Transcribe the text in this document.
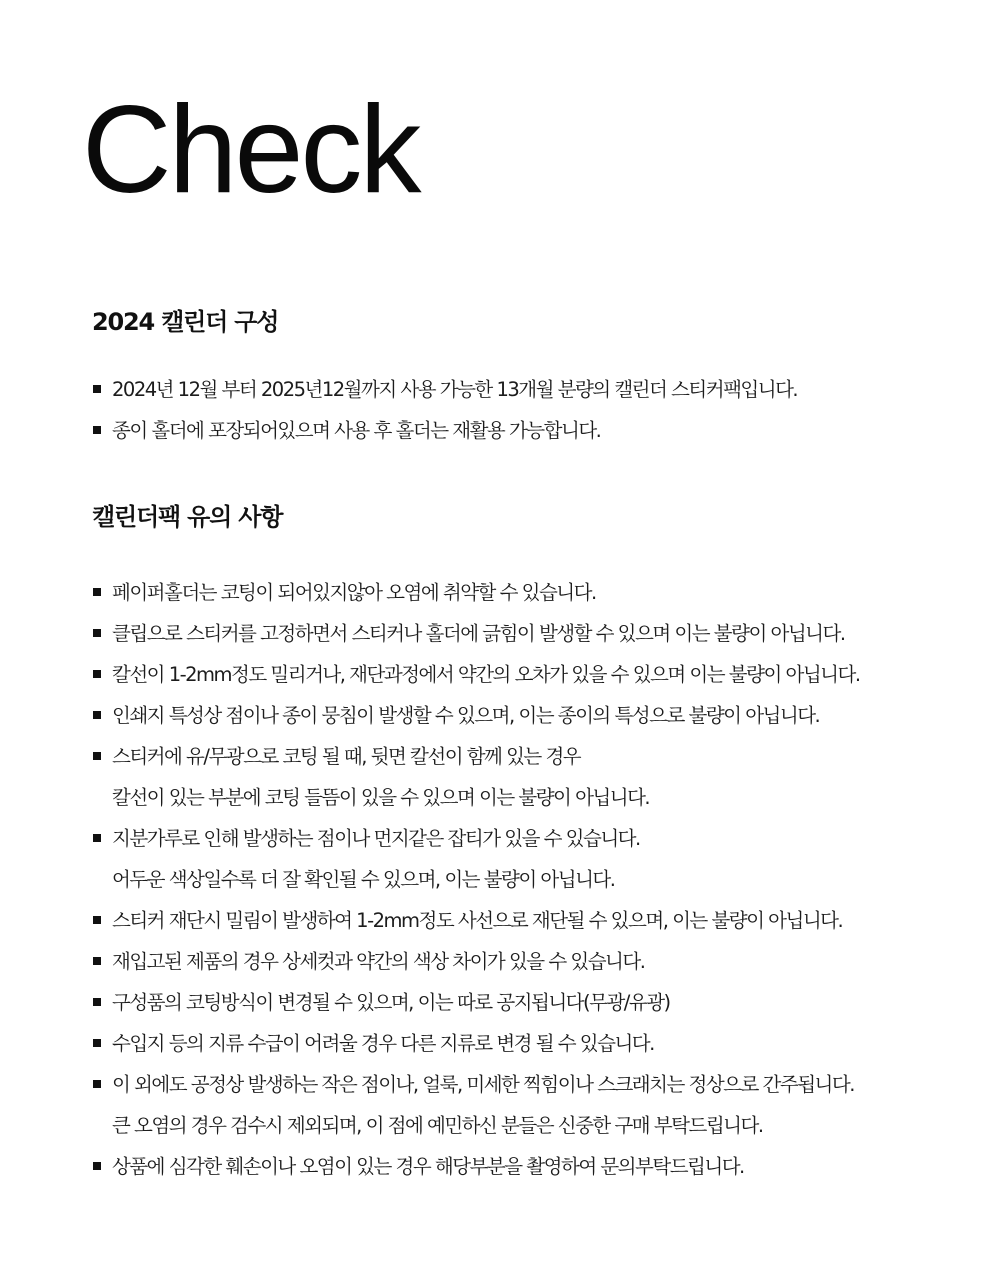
Check
2024 캘린더 구성
2024년 12월 부터 2025년12월까지 사용 가능한 13개월 분량의 캘린더 스티커팩입니다.
종이 홀더에 포장되어있으며 사용 후 홀더는 재활용 가능합니다.
캘린더팩 유의 사항
페이퍼홀더는 코팅이 되어있지않아 오염에 취약할 수 있습니다.
클립으로 스티커를 고정하면서 스티커나 홀더에 긁힘이 발생할 수 있으며 이는 불량이 아닙니다.
칼선이 1-2mm정도 밀리거나, 재단과정에서 약간의 오차가 있을 수 있으며 이는 불량이 아닙니다.
인쇄지 특성상 점이나 종이 뭉침이 발생할 수 있으며, 이는 종이의 특성으로 불량이 아닙니다.
스티커에 유/무광으로 코팅 될 때, 뒷면 칼선이 함께 있는 경우
칼선이 있는 부분에 코팅 들뜸이 있을 수 있으며 이는 불량이 아닙니다.
지분가루로 인해 발생하는 점이나 먼지같은 잡티가 있을 수 있습니다.
어두운 색상일수록 더 잘 확인될 수 있으며, 이는 불량이 아닙니다.
스티커 재단시 밀림이 발생하여 1-2mm정도 사선으로 재단될 수 있으며, 이는 불량이 아닙니다.
재입고된 제품의 경우 상세컷과 약간의 색상 차이가 있을 수 있습니다.
구성품의 코팅방식이 변경될 수 있으며, 이는 따로 공지됩니다(무광/유광)
수입지 등의 지류 수급이 어려울 경우 다른 지류로 변경 될 수 있습니다.
이 외에도 공정상 발생하는 작은 점이나, 얼룩, 미세한 찍힘이나 스크래치는 정상으로 간주됩니다.
큰 오염의 경우 검수시 제외되며, 이 점에 예민하신 분들은 신중한 구매 부탁드립니다.
상품에 심각한 훼손이나 오염이 있는 경우 해당부분을 촬영하여 문의부탁드립니다.
